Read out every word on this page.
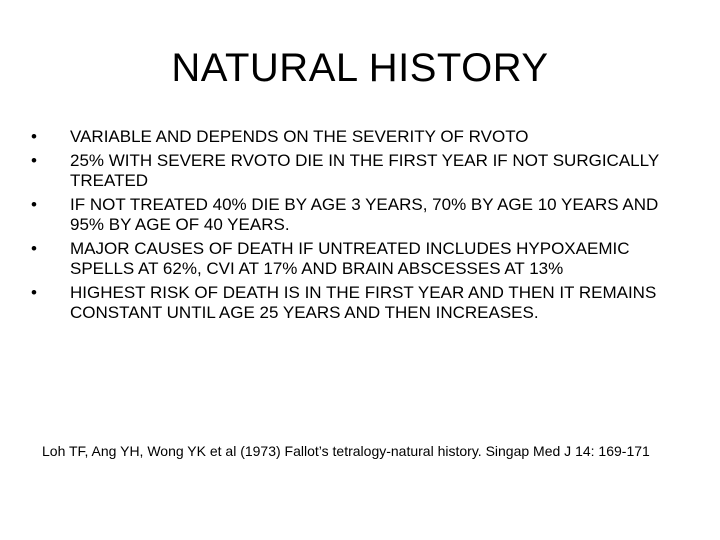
NATURAL HISTORY
• VARIABLE AND DEPENDS ON THE SEVERITY OF RVOTO
• 25% WITH SEVERE RVOTO DIE IN THE FIRST YEAR IF NOT SURGICALLY TREATED
• IF NOT TREATED 40% DIE BY AGE 3 YEARS, 70% BY AGE 10 YEARS AND 95% BY AGE OF 40 YEARS.
• MAJOR CAUSES OF DEATH IF UNTREATED INCLUDES HYPOXAEMIC SPELLS AT 62%, CVI AT 17% AND BRAIN ABSCESSES AT 13%
• HIGHEST RISK OF DEATH IS IN THE FIRST YEAR AND THEN IT REMAINS CONSTANT UNTIL AGE 25 YEARS AND THEN INCREASES.
Loh TF, Ang YH, Wong YK et al (1973) Fallot’s tetralogy-natural history. Singap Med J 14: 169-171
